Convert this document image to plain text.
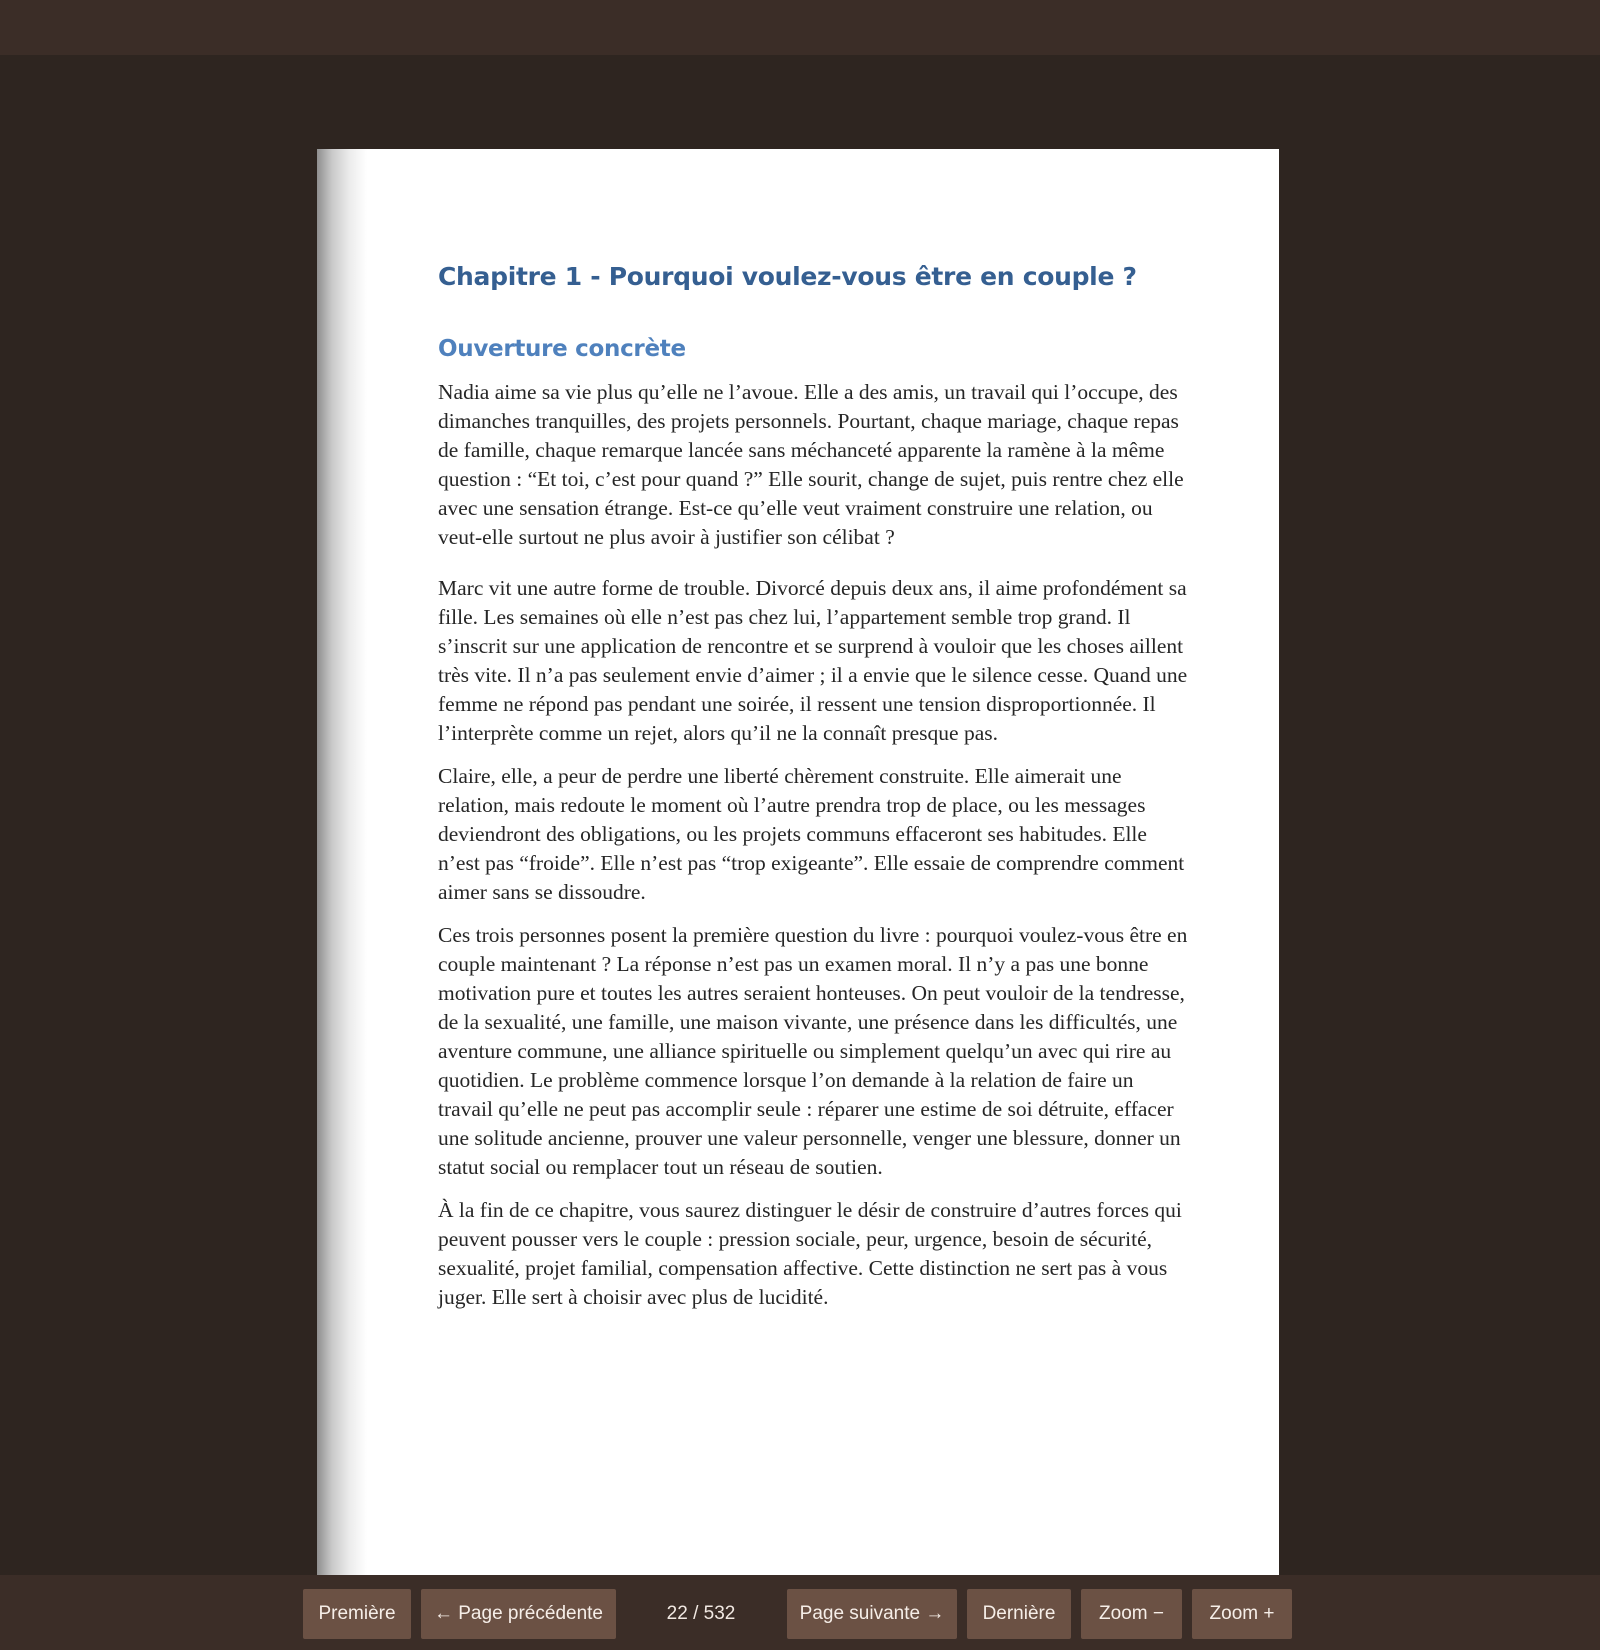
Chapitre 1 - Pourquoi voulez-vous être en couple ?
Ouverture concrète

Nadia aime sa vie plus qu’elle ne l’avoue. Elle a des amis, un travail qui l’occupe, des dimanches tranquilles, des projets personnels. Pourtant, chaque mariage, chaque repas de famille, chaque remarque lancée sans méchanceté apparente la ramène à la même question : “Et toi, c’est pour quand ?” Elle sourit, change de sujet, puis rentre chez elle avec une sensation étrange. Est-ce qu’elle veut vraiment construire une relation, ou veut-elle surtout ne plus avoir à justifier son célibat ?

Marc vit une autre forme de trouble. Divorcé depuis deux ans, il aime profondément sa fille. Les semaines où elle n’est pas chez lui, l’appartement semble trop grand. Il s’inscrit sur une application de rencontre et se surprend à vouloir que les choses aillent très vite. Il n’a pas seulement envie d’aimer ; il a envie que le silence cesse. Quand une femme ne répond pas pendant une soirée, il ressent une tension disproportionnée. Il l’interprète comme un rejet, alors qu’il ne la connaît presque pas.

Claire, elle, a peur de perdre une liberté chèrement construite. Elle aimerait une relation, mais redoute le moment où l’autre prendra trop de place, ou les messages deviendront des obligations, ou les projets communs effaceront ses habitudes. Elle n’est pas “froide”. Elle n’est pas “trop exigeante”. Elle essaie de comprendre comment aimer sans se dissoudre.

Ces trois personnes posent la première question du livre : pourquoi voulez-vous être en couple maintenant ? La réponse n’est pas un examen moral. Il n’y a pas une bonne motivation pure et toutes les autres seraient honteuses. On peut vouloir de la tendresse, de la sexualité, une famille, une maison vivante, une présence dans les difficultés, une aventure commune, une alliance spirituelle ou simplement quelqu’un avec qui rire au quotidien. Le problème commence lorsque l’on demande à la relation de faire un travail qu’elle ne peut pas accomplir seule : réparer une estime de soi détruite, effacer une solitude ancienne, prouver une valeur personnelle, venger une blessure, donner un statut social ou remplacer tout un réseau de soutien.

À la fin de ce chapitre, vous saurez distinguer le désir de construire d’autres forces qui peuvent pousser vers le couple : pression sociale, peur, urgence, besoin de sécurité, sexualité, projet familial, compensation affective. Cette distinction ne sert pas à vous juger. Elle sert à choisir avec plus de lucidité.

Première	← Page précédente	22 / 532	Page suivante →	Dernière	Zoom −	Zoom +
